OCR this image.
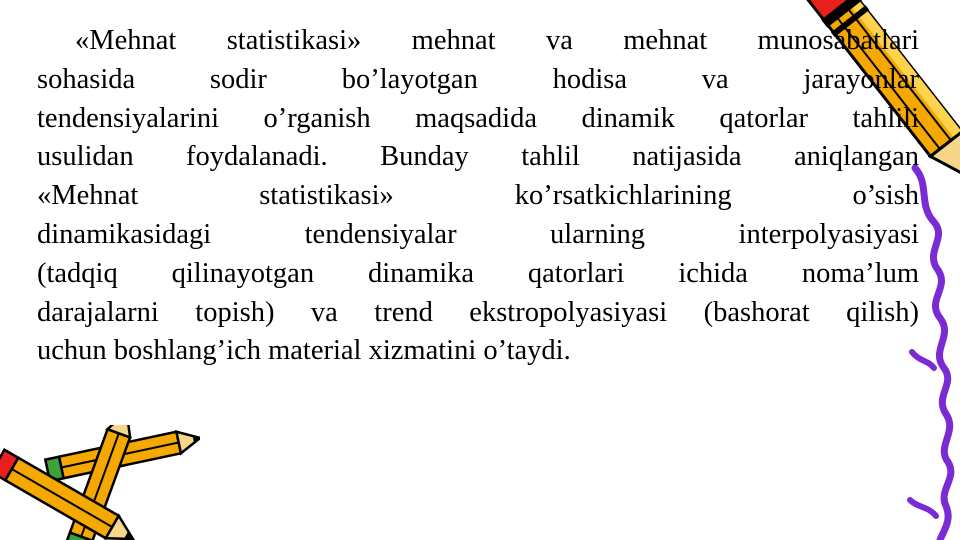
«Mehnat statistikasi» mehnat va mehnat munosabatlari
sohasida sodir bo’layotgan hodisa va jarayonlar
tendensiyalarini o’rganish maqsadida dinamik qatorlar tahlili
usulidan foydalanadi. Bunday tahlil natijasida aniqlangan
«Mehnat statistikasi» ko’rsatkichlarining o’sish
dinamikasidagi tendensiyalar ularning interpolyasiyasi
(tadqiq qilinayotgan dinamika qatorlari ichida noma’lum
darajalarni topish) va trend ekstropolyasiyasi (bashorat qilish)
uchun boshlang’ich material xizmatini o’taydi.
